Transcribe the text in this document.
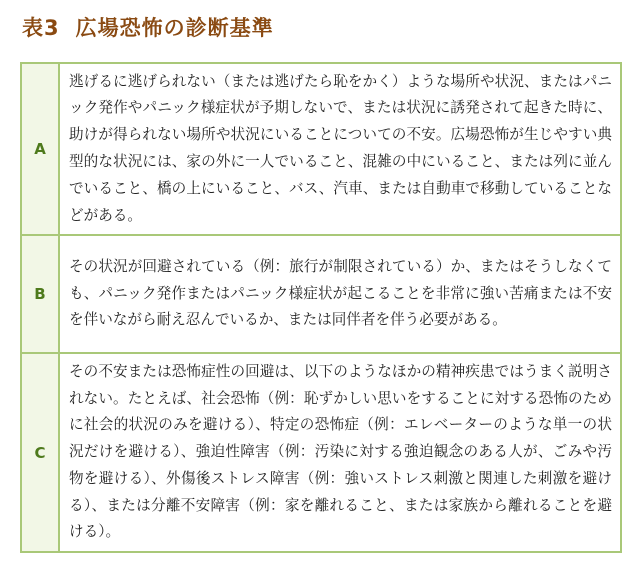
表3 広場恐怖の診断基準
A	逃げるに逃げられない（または逃げたら恥をかく）ような場所や状況、またはパニック発作やパニック様症状が予期しないで、または状況に誘発されて起きた時に、助けが得られない場所や状況にいることについての不安。広場恐怖が生じやすい典型的な状況には、家の外に一人でいること、混雑の中にいること、または列に並んでいること、橋の上にいること、バス、汽車、または自動車で移動していることなどがある。
B	その状況が回避されている（例：旅行が制限されている）か、またはそうしなくても、パニック発作またはパニック様症状が起こることを非常に強い苦痛または不安を伴いながら耐え忍んでいるか、または同伴者を伴う必要がある。
C	その不安または恐怖症性の回避は、以下のようなほかの精神疾患ではうまく説明されない。たとえば、社会恐怖（例：恥ずかしい思いをすることに対する恐怖のために社会的状況のみを避ける）、特定の恐怖症（例：エレベーターのような単一の状況だけを避ける）、強迫性障害（例：汚染に対する強迫観念のある人が、ごみや汚物を避ける）、外傷後ストレス障害（例：強いストレス刺激と関連した刺激を避ける）、または分離不安障害（例：家を離れること、または家族から離れることを避ける）。
